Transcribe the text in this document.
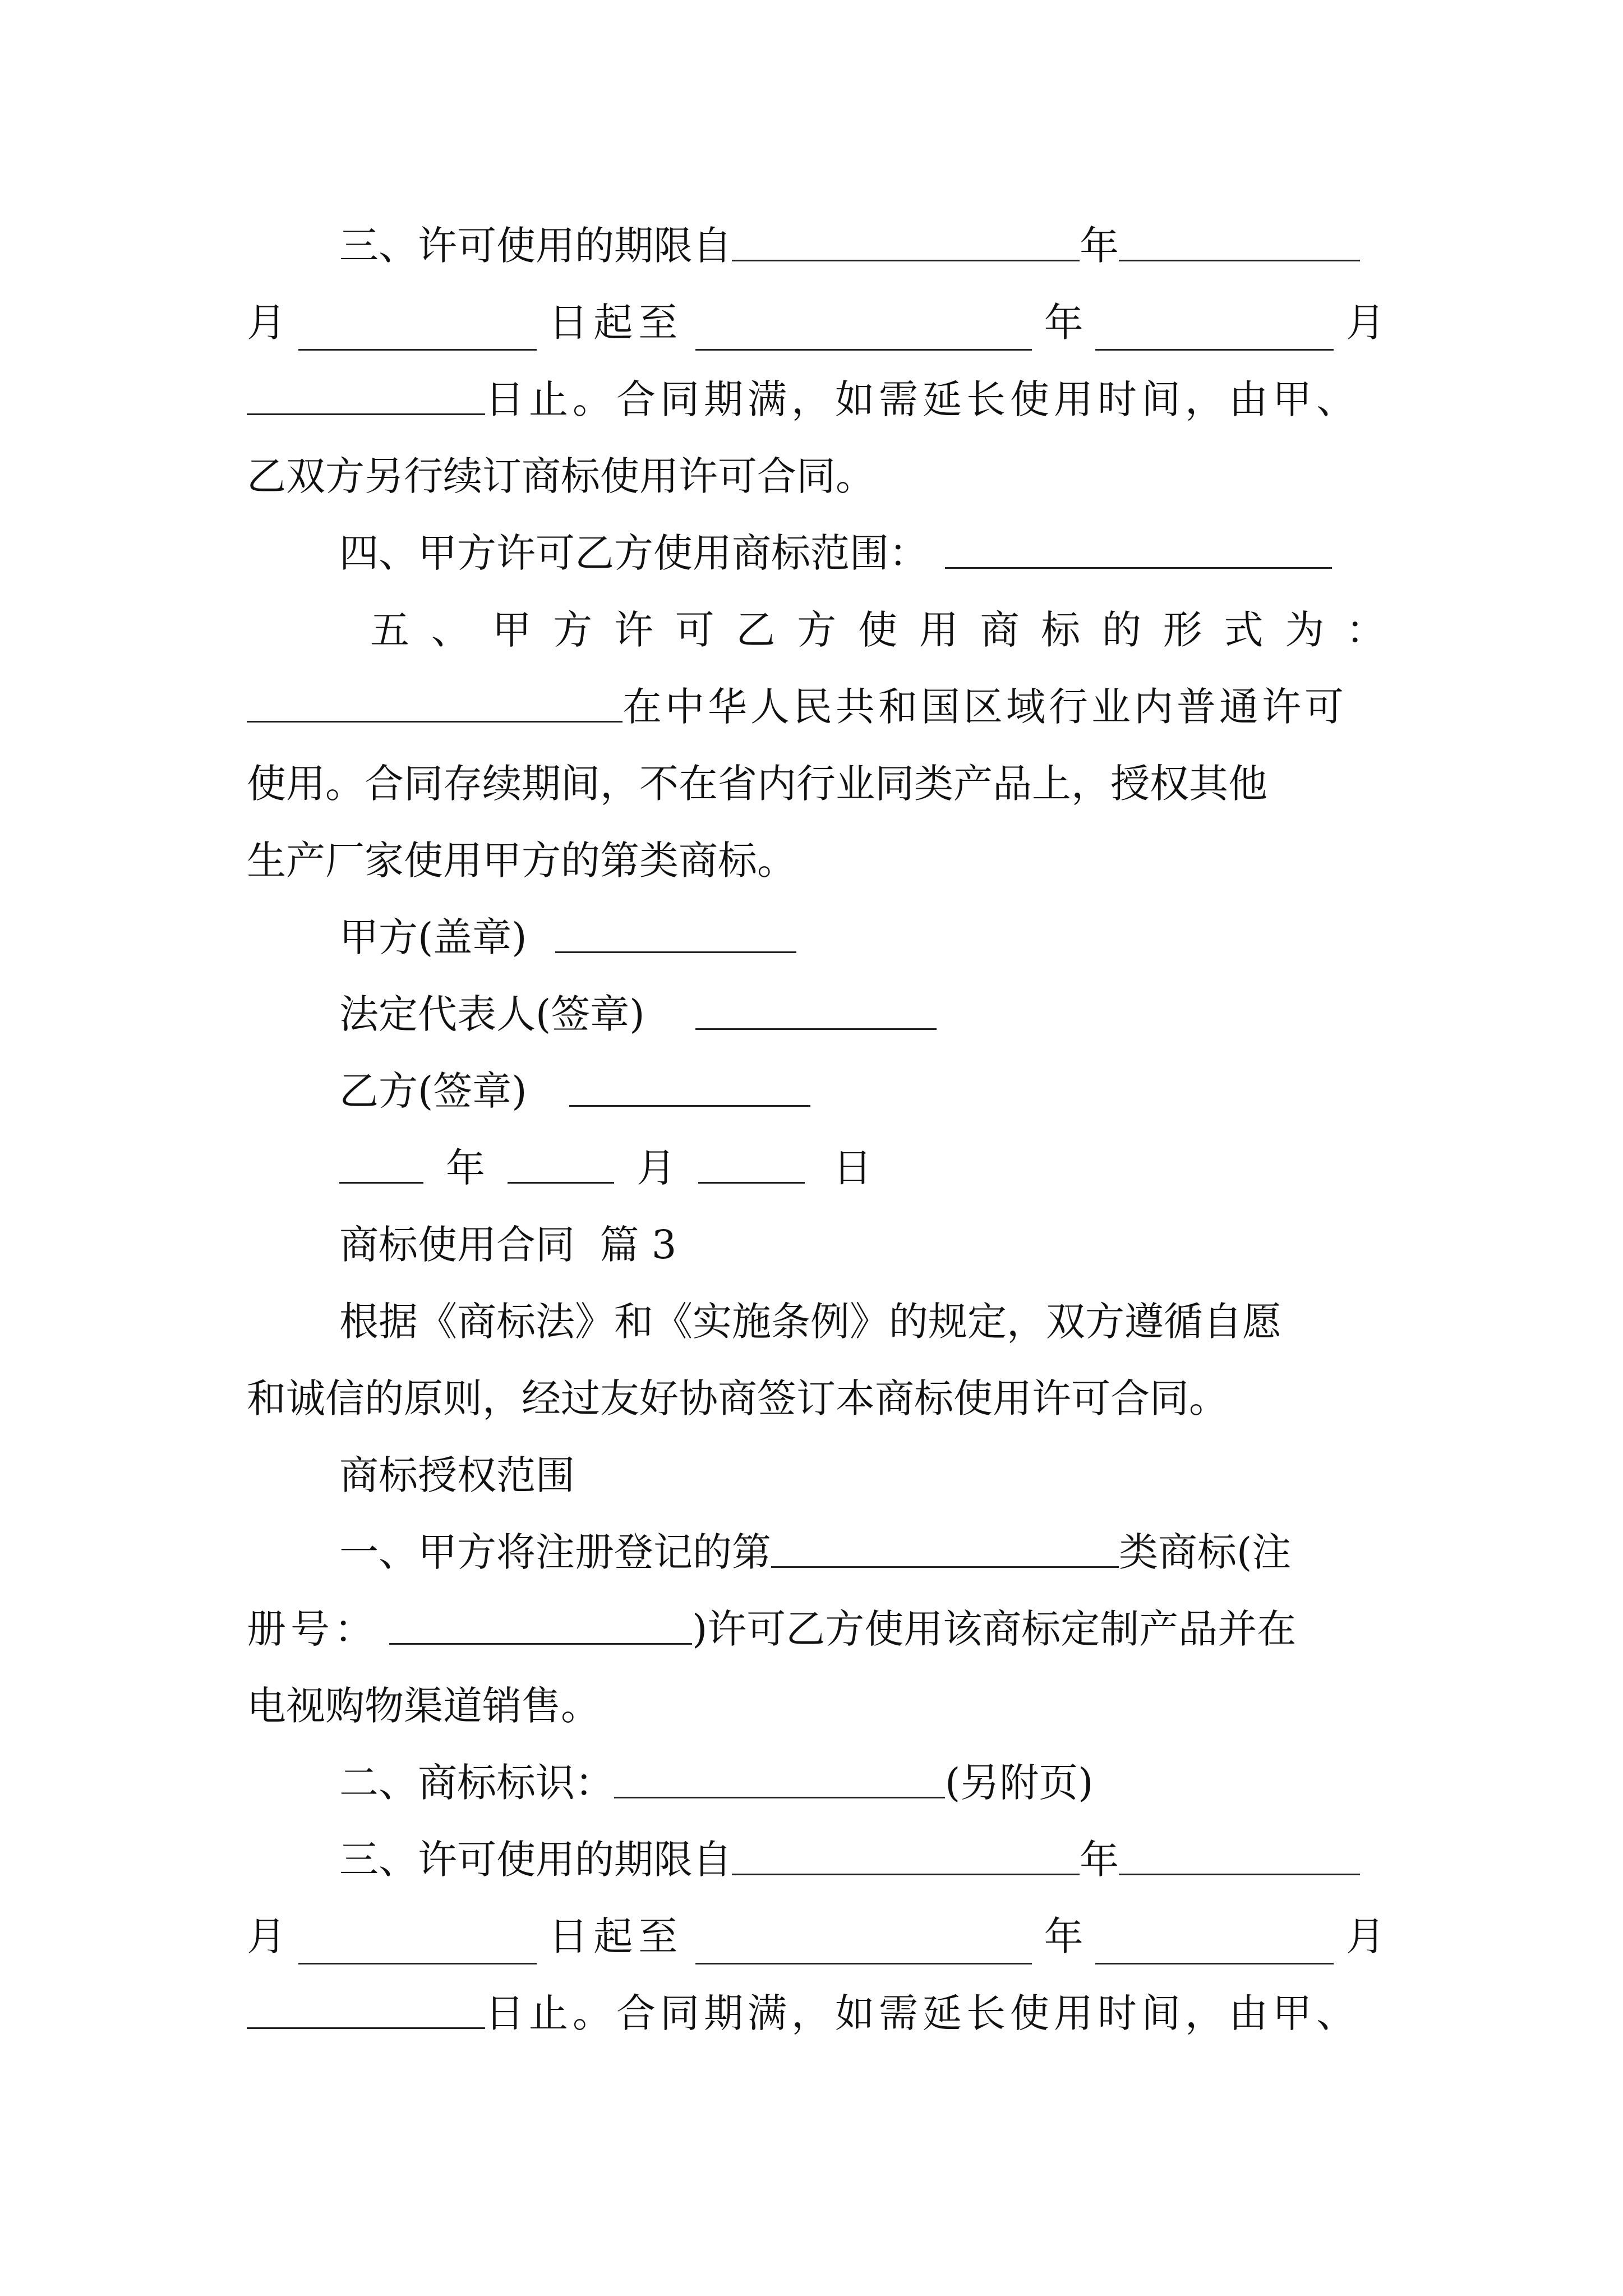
三、许可使用的期限自	年
月	日起至	年	月
日止。合同期满，如需延长使用时间，由甲、
乙双方另行续订商标使用许可合同。
四、甲方许可乙方使用商标范围：
五 、 甲 方 许 可 乙 方 使 用 商 标 的 形 式 为 ：
在中华人民共和国区域行业内普通许可
使用。合同存续期间，不在省内行业同类产品上，授权其他
生产厂家使用甲方的第类商标。
甲方(盖章)
法定代表人(签章)
乙方(签章)
年	月	日
商标使用合同  篇 3
根据《商标法》和《实施条例》的规定，双方遵循自愿
和诚信的原则，经过友好协商签订本商标使用许可合同。
商标授权范围
一、甲方将注册登记的第	类商标(注
册号：	)许可乙方使用该商标定制产品并在
电视购物渠道销售。
二、商标标识：	(另附页)
三、许可使用的期限自	年
月	日起至	年	月
日止。合同期满，如需延长使用时间，由甲、
